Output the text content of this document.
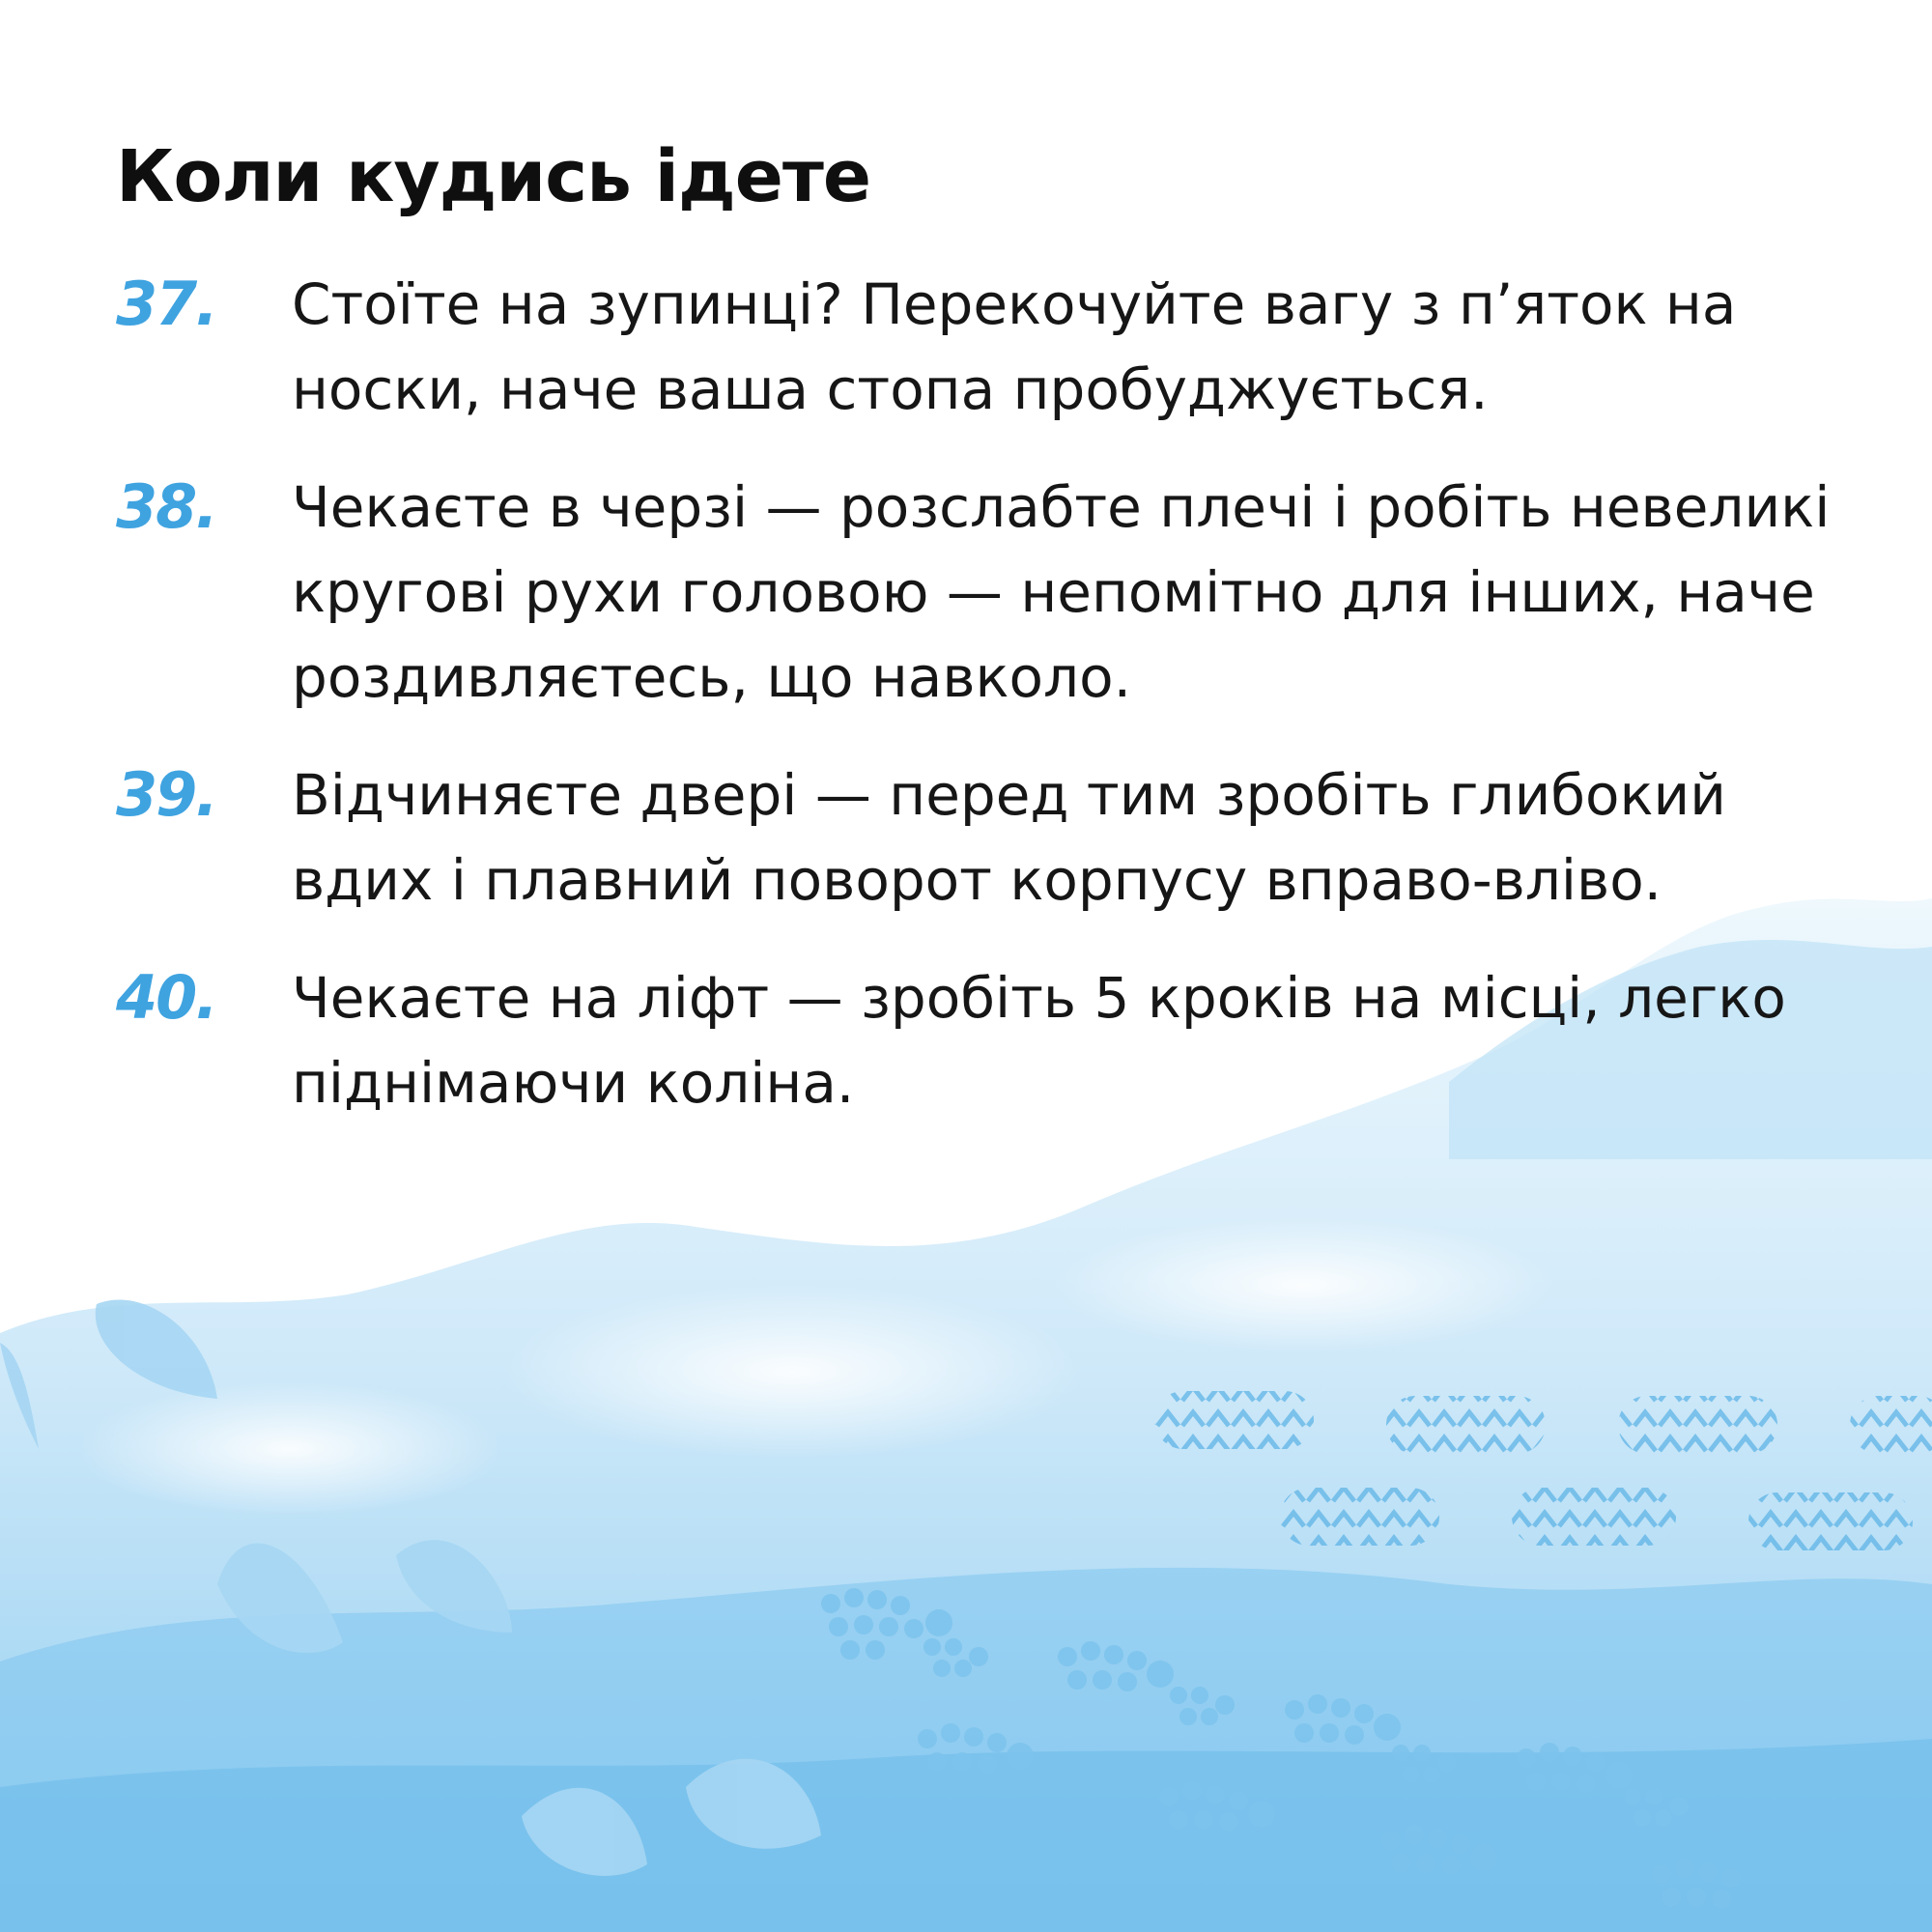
Коли кудись ідете
37.	Стоїте на зупинці? Перекочуйте вагу з п’яток на носки, наче ваша стопа пробуджується.
38.	Чекаєте в черзі — розслабте плечі і робіть невеликі кругові рухи головою — непомітно для інших, наче роздивляєтесь, що навколо.
39.	Відчиняєте двері — перед тим зробіть глибокий вдих і плавний поворот корпусу вправо-вліво.
40.	Чекаєте на ліфт — зробіть 5 кроків на місці, легко піднімаючи коліна.
